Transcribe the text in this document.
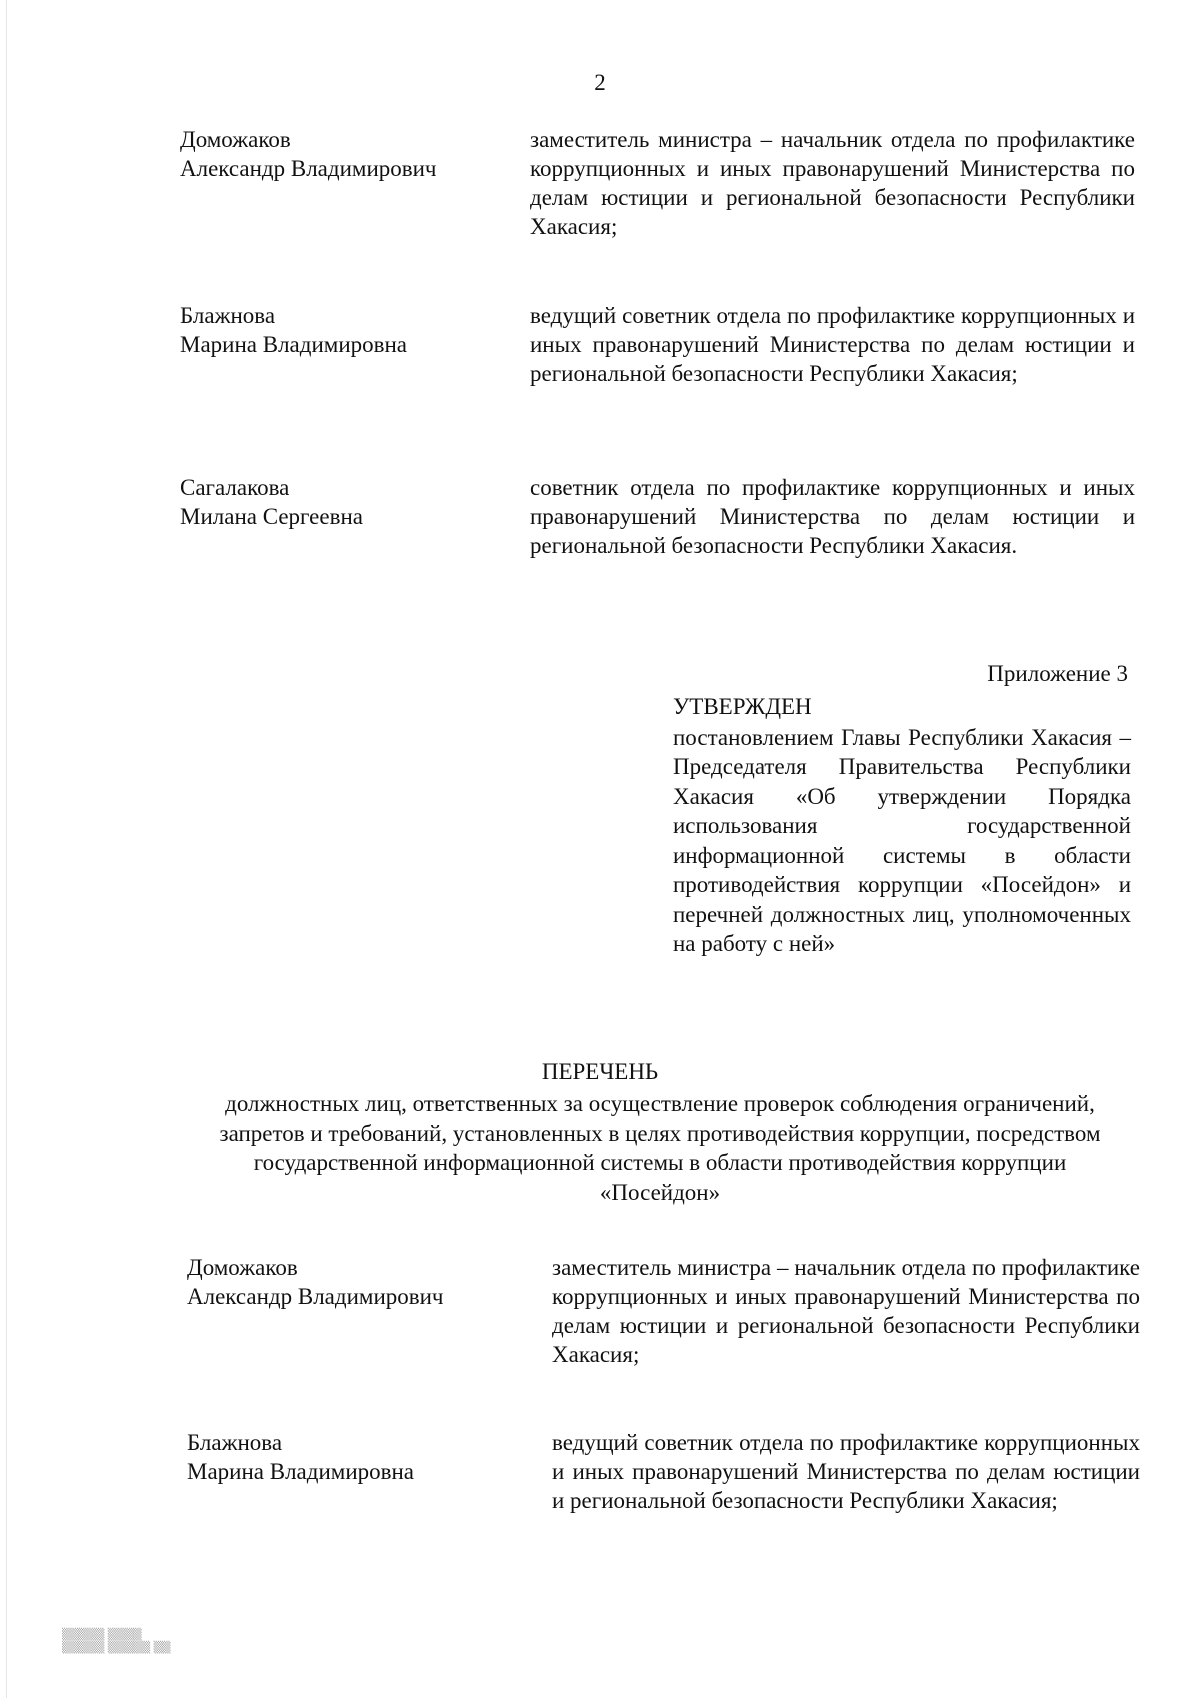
2
Доможаков
Александр Владимирович
заместитель министра – начальник отдела по профилактике коррупционных и иных правонарушений Министерства по делам юстиции и региональной безопасности Республики Хакасия;
Блажнова
Марина Владимировна
ведущий советник отдела по профилактике коррупционных и иных правонарушений Министерства по делам юстиции и региональной безопасности Республики Хакасия;
Сагалакова
Милана Сергеевна
советник отдела по профилактике коррупционных и иных правонарушений Министерства по делам юстиции и региональной безопасности Республики Хакасия.
Приложение 3
УТВЕРЖДЕН
постановлением Главы Республики Хакасия – Председателя Правительства Республики Хакасия «Об утверждении Порядка использования государственной информационной системы в области противодействия коррупции «Посейдон» и перечней должностных лиц, уполномоченных на работу с ней»
ПЕРЕЧЕНЬ
должностных лиц, ответственных за осуществление проверок соблюдения ограничений, запретов и требований, установленных в целях противодействия коррупции, посредством государственной информационной системы в области противодействия коррупции «Посейдон»
Доможаков
Александр Владимирович
заместитель министра – начальник отдела по профилактике коррупционных и иных правонарушений Министерства по делам юстиции и региональной безопасности Республики Хакасия;
Блажнова
Марина Владимировна
ведущий советник отдела по профилактике коррупционных и иных правонарушений Министерства по делам юстиции и региональной безопасности Республики Хакасия;
▒▒▒▒▒ ▒▒▒▒
▒▒▒▒▒ ▒▒▒▒▒ ▒▒
